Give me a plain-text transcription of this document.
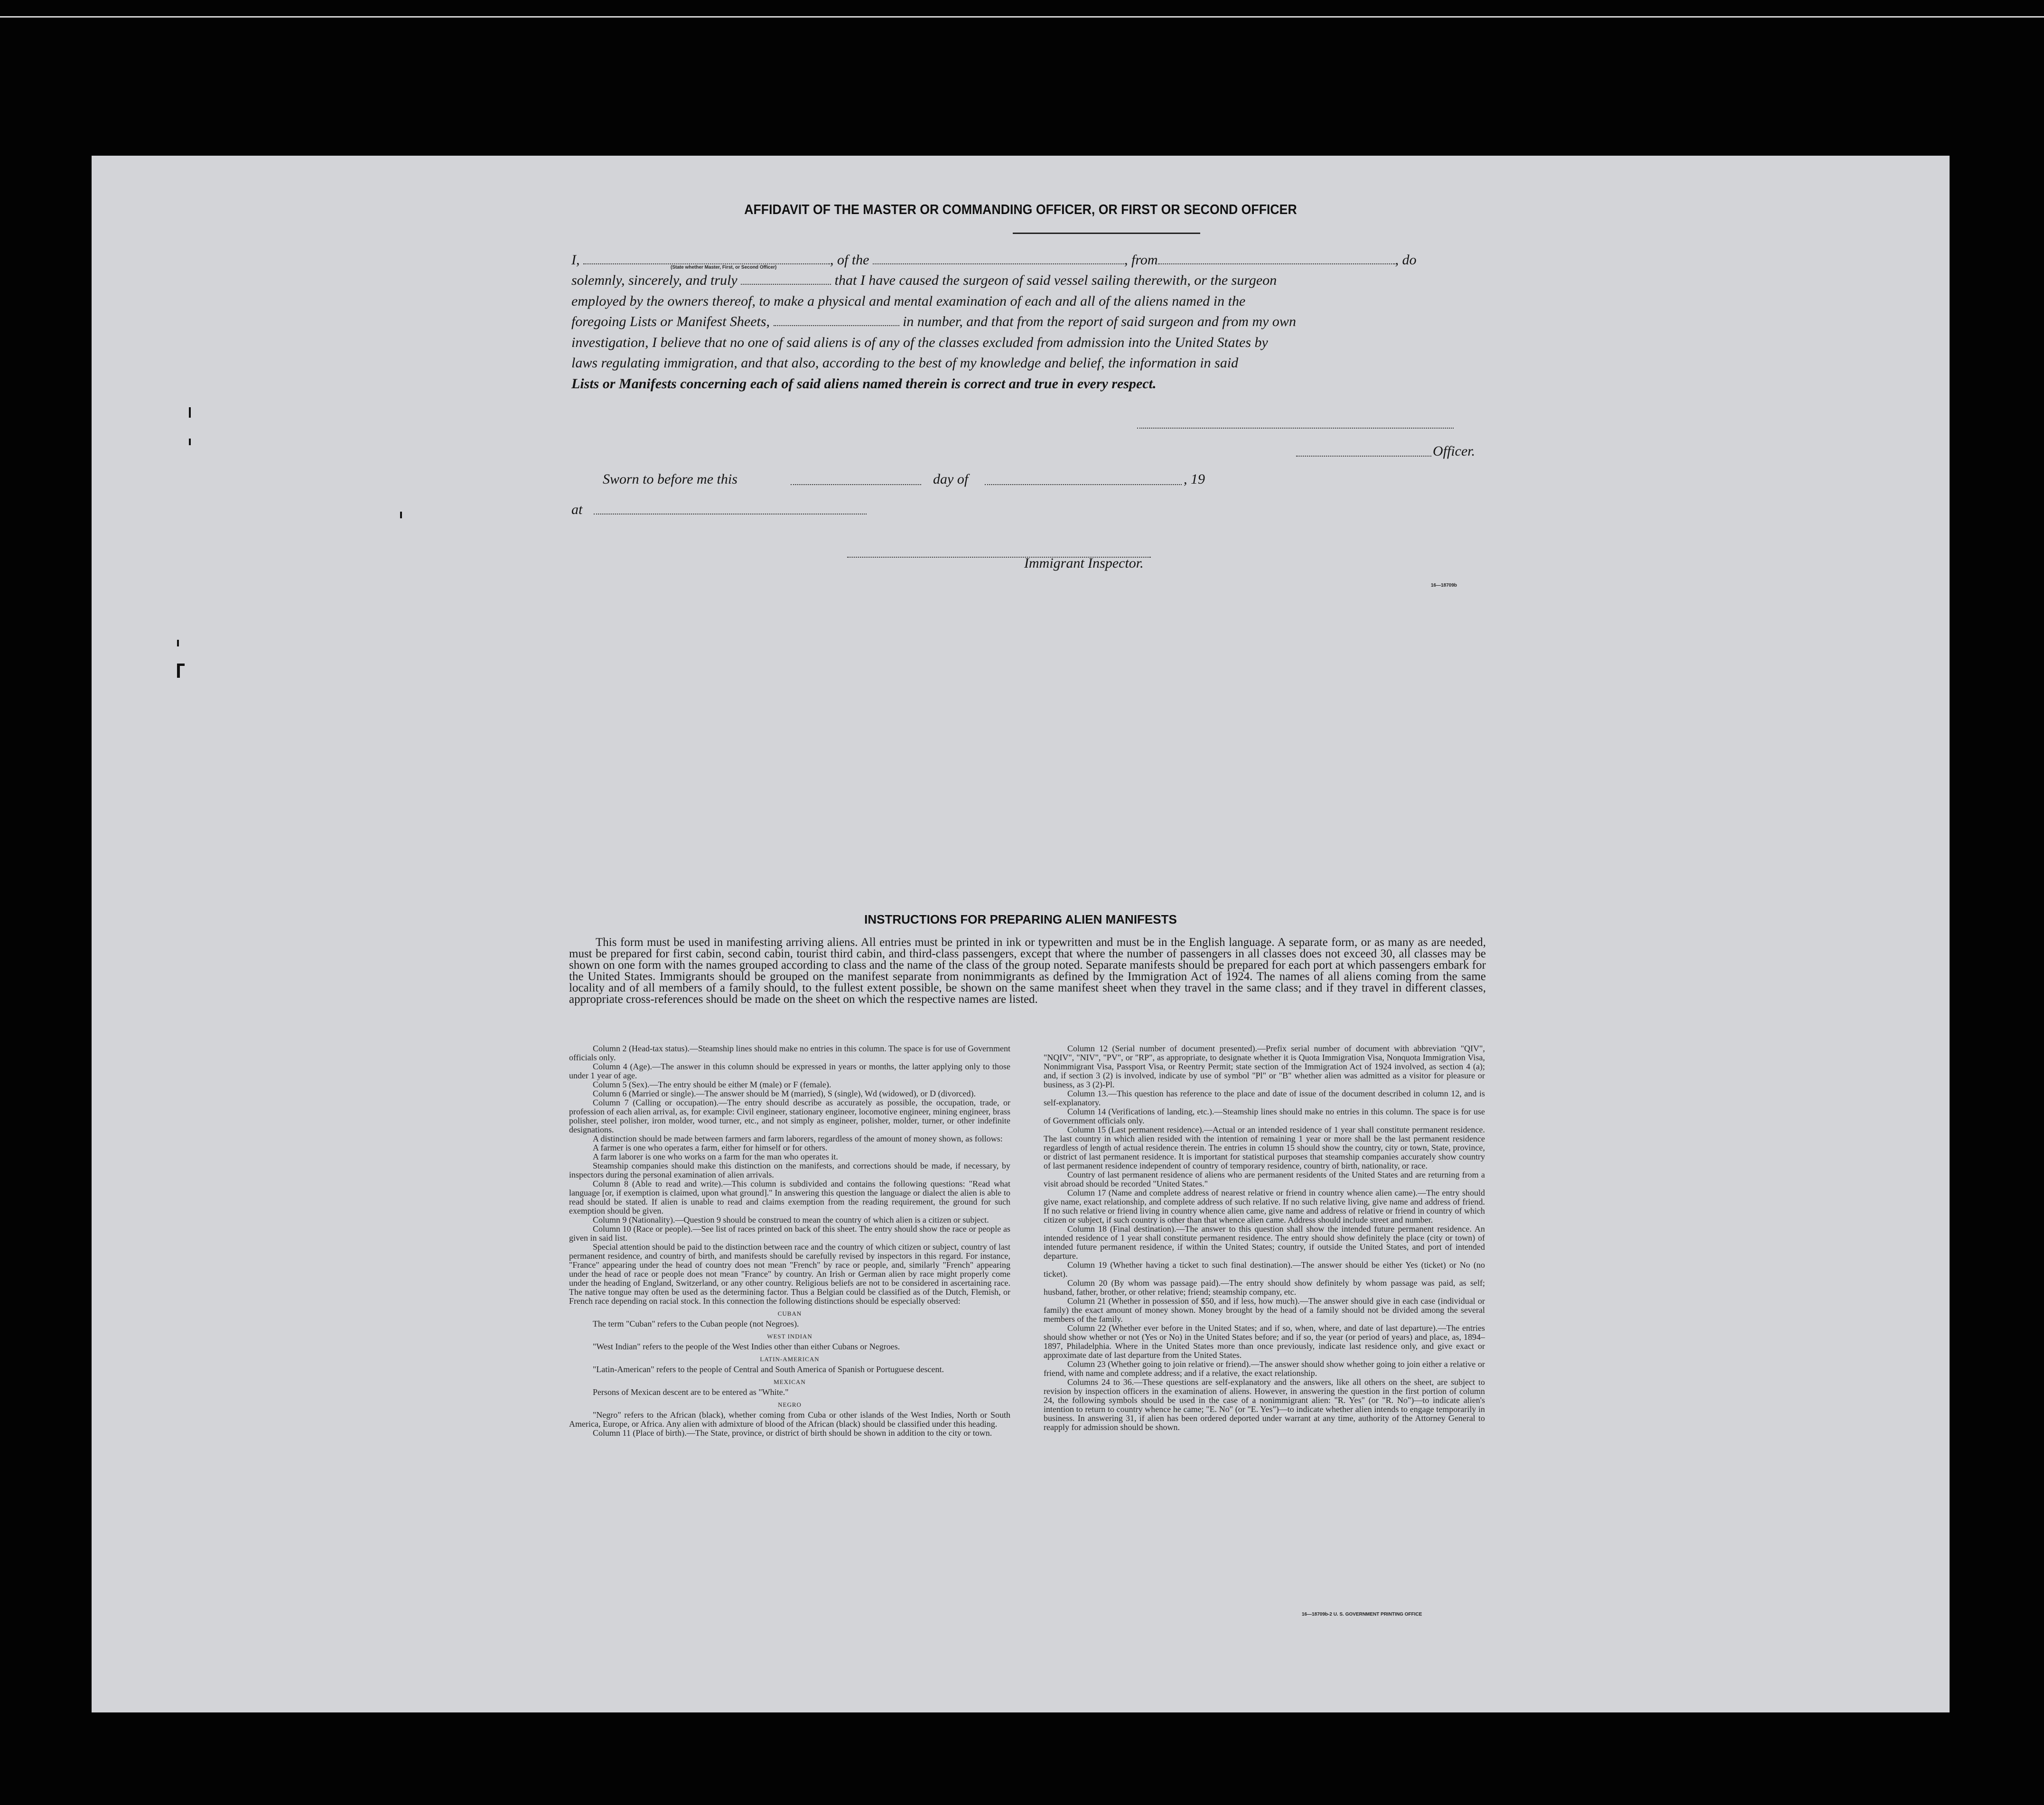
AFFIDAVIT OF THE MASTER OR COMMANDING OFFICER, OR FIRST OR SECOND OFFICER
I,	, of the	, from	, do
(State whether Master, First, or Second Officer)
solemnly, sincerely, and truly	that I have caused the surgeon of said vessel sailing therewith, or the surgeon
employed by the owners thereof, to make a physical and mental examination of each and all of the aliens named in the
foregoing Lists or Manifest Sheets,	in number, and that from the report of said surgeon and from my own
investigation, I believe that no one of said aliens is of any of the classes excluded from admission into the United States by
laws regulating immigration, and that also, according to the best of my knowledge and belief, the information in said
Lists or Manifests concerning each of said aliens named therein is correct and true in every respect.
Officer.
Sworn to before me this	day of	, 19
at
Immigrant Inspector.
16—18709b
INSTRUCTIONS FOR PREPARING ALIEN MANIFESTS
This form must be used in manifesting arriving aliens. All entries must be printed in ink or typewritten and must be in the English language. A separate form, or as many as are needed, must be prepared for first cabin, second cabin, tourist third cabin, and third-class passengers, except that where the number of passengers in all classes does not exceed 30, all classes may be shown on one form with the names grouped according to class and the name of the class of the group noted. Separate manifests should be prepared for each port at which passengers embark for the United States. Immigrants should be grouped on the manifest separate from nonimmigrants as defined by the Immigration Act of 1924. The names of all aliens coming from the same locality and of all members of a family should, to the fullest extent possible, be shown on the same manifest sheet when they travel in the same class; and if they travel in different classes, appropriate cross-references should be made on the sheet on which the respective names are listed.

Column 2 (Head-tax status).—Steamship lines should make no entries in this column. The space is for use of Government officials only.

Column 4 (Age).—The answer in this column should be expressed in years or months, the latter applying only to those under 1 year of age.

Column 5 (Sex).—The entry should be either M (male) or F (female).

Column 6 (Married or single).—The answer should be M (married), S (single), Wd (widowed), or D (divorced).

Column 7 (Calling or occupation).—The entry should describe as accurately as possible, the occupation, trade, or profession of each alien arrival, as, for example: Civil engineer, stationary engineer, locomotive engineer, mining engineer, brass polisher, steel polisher, iron molder, wood turner, etc., and not simply as engineer, polisher, molder, turner, or other indefinite designations.

A distinction should be made between farmers and farm laborers, regardless of the amount of money shown, as follows:

A farmer is one who operates a farm, either for himself or for others.

A farm laborer is one who works on a farm for the man who operates it.

Steamship companies should make this distinction on the manifests, and corrections should be made, if necessary, by inspectors during the personal examination of alien arrivals.

Column 8 (Able to read and write).—This column is subdivided and contains the following questions: "Read what language [or, if exemption is claimed, upon what ground]." In answering this question the language or dialect the alien is able to read should be stated. If alien is unable to read and claims exemption from the reading requirement, the ground for such exemption should be given.

Column 9 (Nationality).—Question 9 should be construed to mean the country of which alien is a citizen or subject.

Column 10 (Race or people).—See list of races printed on back of this sheet. The entry should show the race or people as given in said list.

Special attention should be paid to the distinction between race and the country of which citizen or subject, country of last permanent residence, and country of birth, and manifests should be carefully revised by inspectors in this regard. For instance, "France" appearing under the head of country does not mean "French" by race or people, and, similarly "French" appearing under the head of race or people does not mean "France" by country. An Irish or German alien by race might properly come under the heading of England, Switzerland, or any other country. Religious beliefs are not to be considered in ascertaining race. The native tongue may often be used as the determining factor. Thus a Belgian could be classified as of the Dutch, Flemish, or French race depending on racial stock. In this connection the following distinctions should be especially observed:

CUBAN

The term "Cuban" refers to the Cuban people (not Negroes).

WEST INDIAN

"West Indian" refers to the people of the West Indies other than either Cubans or Negroes.

LATIN-AMERICAN

"Latin-American" refers to the people of Central and South America of Spanish or Portuguese descent.

MEXICAN

Persons of Mexican descent are to be entered as "White."

NEGRO

"Negro" refers to the African (black), whether coming from Cuba or other islands of the West Indies, North or South America, Europe, or Africa. Any alien with admixture of blood of the African (black) should be classified under this heading.

Column 11 (Place of birth).—The State, province, or district of birth should be shown in addition to the city or town.

Column 12 (Serial number of document presented).—Prefix serial number of document with abbreviation "QIV", "NQIV", "NIV", "PV", or "RP", as appropriate, to designate whether it is Quota Immigration Visa, Nonquota Immigration Visa, Nonimmigrant Visa, Passport Visa, or Reentry Permit; state section of the Immigration Act of 1924 involved, as section 4 (a); and, if section 3 (2) is involved, indicate by use of symbol "Pl" or "B" whether alien was admitted as a visitor for pleasure or business, as 3 (2)-Pl.

Column 13.—This question has reference to the place and date of issue of the document described in column 12, and is self-explanatory.

Column 14 (Verifications of landing, etc.).—Steamship lines should make no entries in this column. The space is for use of Government officials only.

Column 15 (Last permanent residence).—Actual or an intended residence of 1 year shall constitute permanent residence. The last country in which alien resided with the intention of remaining 1 year or more shall be the last permanent residence regardless of length of actual residence therein. The entries in column 15 should show the country, city or town, State, province, or district of last permanent residence. It is important for statistical purposes that steamship companies accurately show country of last permanent residence independent of country of temporary residence, country of birth, nationality, or race.

Country of last permanent residence of aliens who are permanent residents of the United States and are returning from a visit abroad should be recorded "United States."

Column 17 (Name and complete address of nearest relative or friend in country whence alien came).—The entry should give name, exact relationship, and complete address of such relative. If no such relative living, give name and address of friend. If no such relative or friend living in country whence alien came, give name and address of relative or friend in country of which citizen or subject, if such country is other than that whence alien came. Address should include street and number.

Column 18 (Final destination).—The answer to this question shall show the intended future permanent residence. An intended residence of 1 year shall constitute permanent residence. The entry should show definitely the place (city or town) of intended future permanent residence, if within the United States; country, if outside the United States, and port of intended departure.

Column 19 (Whether having a ticket to such final destination).—The answer should be either Yes (ticket) or No (no ticket).

Column 20 (By whom was passage paid).—The entry should show definitely by whom passage was paid, as self; husband, father, brother, or other relative; friend; steamship company, etc.

Column 21 (Whether in possession of $50, and if less, how much).—The answer should give in each case (individual or family) the exact amount of money shown. Money brought by the head of a family should not be divided among the several members of the family.

Column 22 (Whether ever before in the United States; and if so, when, where, and date of last departure).—The entries should show whether or not (Yes or No) in the United States before; and if so, the year (or period of years) and place, as, 1894–1897, Philadelphia. Where in the United States more than once previously, indicate last residence only, and give exact or approximate date of last departure from the United States.

Column 23 (Whether going to join relative or friend).—The answer should show whether going to join either a relative or friend, with name and complete address; and if a relative, the exact relationship.

Columns 24 to 36.—These questions are self-explanatory and the answers, like all others on the sheet, are subject to revision by inspection officers in the examination of aliens. However, in answering the question in the first portion of column 24, the following symbols should be used in the case of a nonimmigrant alien: "R. Yes" (or "R. No")—to indicate alien's intention to return to country whence he came; "E. No" (or "E. Yes")—to indicate whether alien intends to engage temporarily in business. In answering 31, if alien has been ordered deported under warrant at any time, authority of the Attorney General to reapply for admission should be shown.

16—18709b-2 U. S. GOVERNMENT PRINTING OFFICE
